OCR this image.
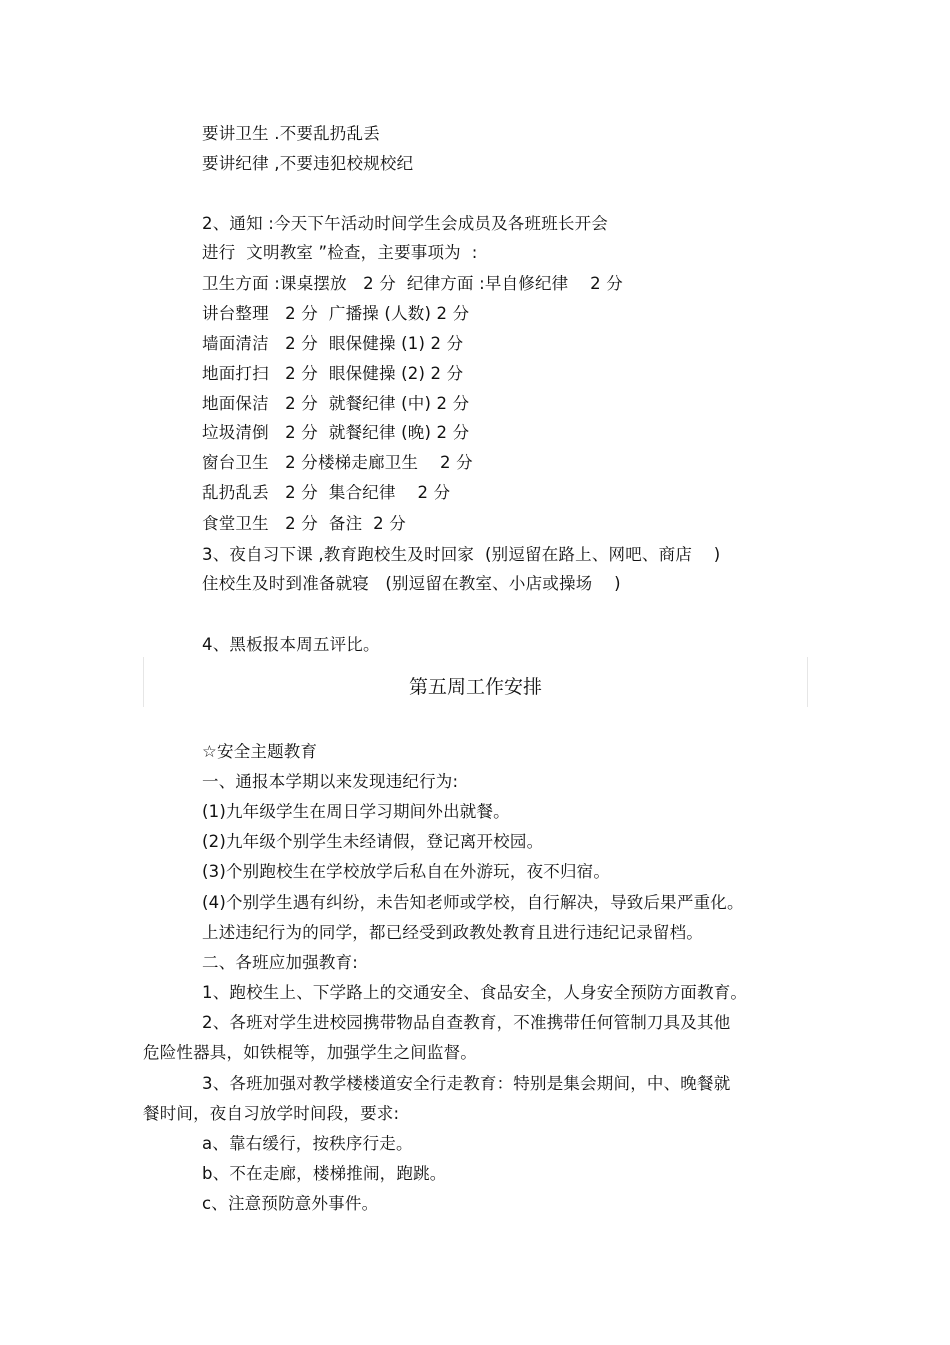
要讲卫生 .不要乱扔乱丢
要讲纪律 ,不要违犯校规校纪
2、通知 :今天下午活动时间学生会成员及各班班长开会
进行  文明教室 ”检查，主要事项为  :
卫生方面 :课桌摆放   2 分  纪律方面 :早自修纪律    2 分
讲台整理   2 分  广播操 (人数) 2 分
墙面清洁   2 分  眼保健操 (1) 2 分
地面打扫   2 分  眼保健操 (2) 2 分
地面保洁   2 分  就餐纪律 (中) 2 分
垃圾清倒   2 分  就餐纪律 (晚) 2 分
窗台卫生   2 分楼梯走廊卫生    2 分
乱扔乱丢   2 分  集合纪律    2 分
食堂卫生   2 分  备注  2 分
3、夜自习下课 ,教育跑校生及时回家  (别逗留在路上、网吧、商店    )
住校生及时到准备就寝   (别逗留在教室、小店或操场    )
4、黑板报本周五评比。
第五周工作安排
☆安全主题教育
一、通报本学期以来发现违纪行为:
(1)九年级学生在周日学习期间外出就餐。
(2)九年级个别学生未经请假，登记离开校园。
(3)个别跑校生在学校放学后私自在外游玩，夜不归宿。
(4)个别学生遇有纠纷，未告知老师或学校，自行解决，导致后果严重化。
上述违纪行为的同学，都已经受到政教处教育且进行违纪记录留档。
二、各班应加强教育:
1、跑校生上、下学路上的交通安全、食品安全，人身安全预防方面教育。
2、各班对学生进校园携带物品自查教育，不准携带任何管制刀具及其他
危险性器具，如铁棍等，加强学生之间监督。
3、各班加强对教学楼楼道安全行走教育：特别是集会期间，中、晚餐就
餐时间，夜自习放学时间段，要求:
a、靠右缓行，按秩序行走。
b、不在走廊，楼梯推闹，跑跳。
c、注意预防意外事件。
